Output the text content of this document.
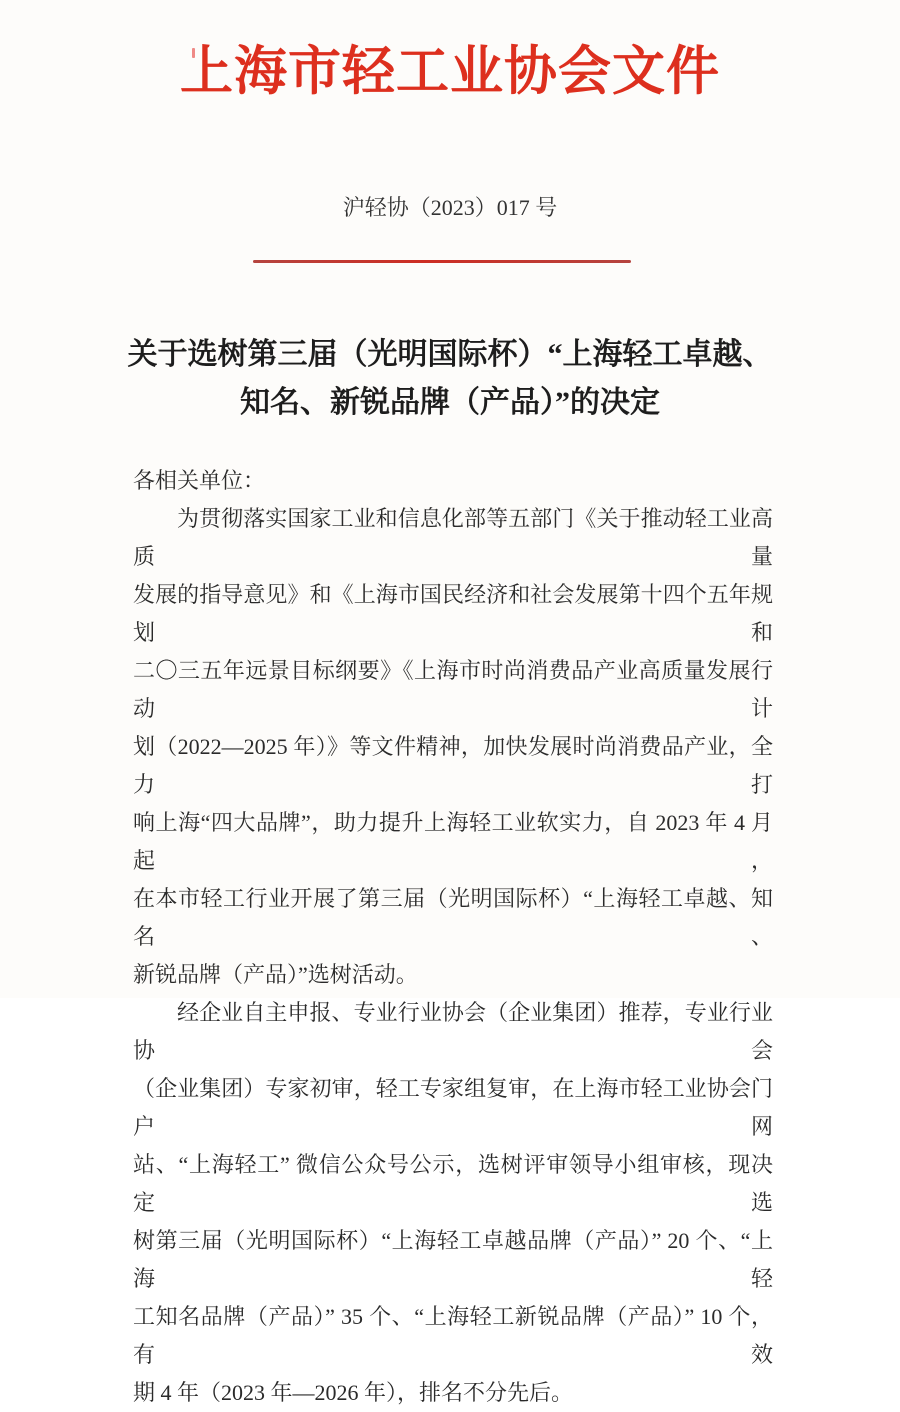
上海市轻工业协会文件
沪轻协（2023）017 号
关于选树第三届（光明国际杯）“上海轻工卓越、
知名、新锐品牌（产品）”的决定
各相关单位：
为贯彻落实国家工业和信息化部等五部门《关于推动轻工业高质量
发展的指导意见》和《上海市国民经济和社会发展第十四个五年规划和
二〇三五年远景目标纲要》《上海市时尚消费品产业高质量发展行动计
划（2022—2025 年）》等文件精神，加快发展时尚消费品产业，全力打
响上海“四大品牌”，助力提升上海轻工业软实力，自 2023 年 4 月起，
在本市轻工行业开展了第三届（光明国际杯）“上海轻工卓越、知名、
新锐品牌（产品）”选树活动。
经企业自主申报、专业行业协会（企业集团）推荐，专业行业协会
（企业集团）专家初审，轻工专家组复审，在上海市轻工业协会门户网
站、“上海轻工” 微信公众号公示，选树评审领导小组审核，现决定选
树第三届（光明国际杯）“上海轻工卓越品牌（产品）” 20 个、“上海轻
工知名品牌（产品）” 35 个、“上海轻工新锐品牌（产品）” 10 个，有效
期 4 年（2023 年—2026 年），排名不分先后。
